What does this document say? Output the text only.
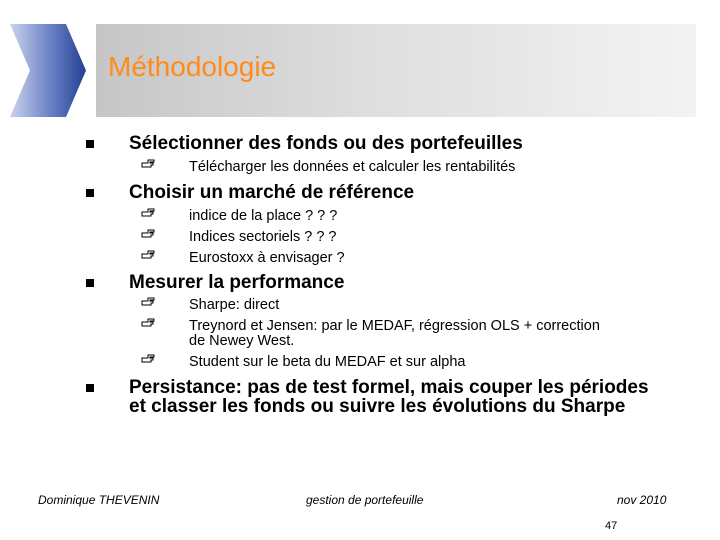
Méthodologie
Sélectionner des fonds ou des portefeuilles
Télécharger les données et calculer les rentabilités
Choisir un marché de référence
indice de la place ? ? ?
Indices sectoriels ? ? ?
Eurostoxx à envisager ?
Mesurer la performance
Sharpe: direct
Treynord et Jensen: par le MEDAF, régression OLS + correction
de Newey West.
Student sur le beta du MEDAF et sur alpha
Persistance: pas de test formel, mais couper les périodes et classer les fonds ou suivre les évolutions du Sharpe
Dominique THEVENIN	gestion de portefeuille	nov 2010
47
